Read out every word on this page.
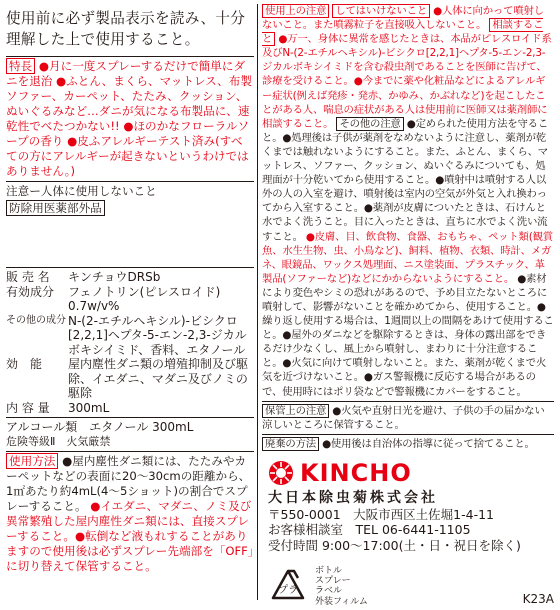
使用前に必ず製品表示を読み、十分理解した上で使用すること。

特長 ●月に一度スプレーするだけで簡単にダニを退治 ●ふとん、まくら、マットレス、布製ソファー、カーペット、たたみ、クッション、ぬいぐるみなど…ダニが気になる布製品に、速乾性でべたつかない!! ●ほのかなフローラルソープの香り ●皮ふアレルギーテスト済み(すべての方にアレルギーが起きないというわけではありません。)

注意ー人体に使用しないこと

防除用医薬部外品

販 売 名	キンチョウDRSb
有効成分	フェノトリン(ピレスロイド) 0.7w/v%
その他の成分 N-(2-エチルヘキシル)-ビシクロ[2,2,1]ヘプタ-5-エン-2,3-ジカルボキシイミド、香料、エタノール
効　能	屋内塵性ダニ類の増殖抑制及び駆除、イエダニ、マダニ及びノミの駆除
内 容 量	300mL
アルコール類　エタノール 300mL
危険等級Ⅱ　火気厳禁

使用方法 ●屋内塵性ダニ類には、たたみやカーペットなどの表面に20〜30cmの距離から、1㎡あたり約4mL(4〜5ショット)の割合でスプレーすること。 ●イエダニ、マダニ、ノミ及び異常繁殖した屋内塵性ダニ類には、直接スプレーすること。●転倒など液もれすることがありますので使用後は必ずスプレー先端部を「OFF」に切り替えて保管すること。

使用上の注意 してはいけないこと ●人体に向かって噴射しないこと。また噴霧粒子を直接吸入しないこと。 相談すること ●万一、身体に異常を感じたときは、本品がピレスロイド系及びN-(2-エチルヘキシル)-ビシクロ[2,2,1]ヘプタ-5-エン-2,3-ジカルボキシイミドを含む殺虫剤であることを医師に告げて、診療を受けること。●今までに薬や化粧品などによるアレルギー症状(例えば発疹・発赤、かゆみ、かぶれなど)を起こしたことがある人、喘息の症状がある人は使用前に医師又は薬剤師に相談すること。 その他の注意 ●定められた使用方法を守ること。●処理後は子供が薬剤をなめないように注意し、薬剤が乾くまでは触れないようにすること。また、ふとん、まくら、マットレス、ソファー、クッション、ぬいぐるみについても、処理面が十分乾いてから使用すること。●噴射中は噴射する人以外の人の入室を避け、噴射後は室内の空気が外気と入れ換わってから入室すること。●薬剤が皮膚についたときは、石けんと水でよく洗うこと。目に入ったときは、直ちに水でよく洗い流すこと。 ●皮膚、目、飲食物、食器、おもちゃ、ペット類(観賞魚、水生生物、虫、小鳥など)、飼料、植物、衣類、時計、メガネ、眼鏡品、ワックス処理面、ニス塗装面、プラスチック、革製品(ソファーなど)などにかからないようにすること。 ●素材により変色やシミの恐れがあるので、予め目立たないところに噴射して、影響がないことを確かめてから、使用すること。●繰り返し使用する場合は、1週間以上の間隔をあけて使用すること。●屋外のダニなどを駆除するときは、身体の露出部をできるだけ少なくし、風上から噴射し、まわりに十分注意すること。●火気に向けて噴射しないこと。また、薬剤が乾くまで火気を近づけないこと。●ガス警報機に反応する場合があるので、使用時にはポリ袋などで警報機にカバーをすること。

保管上の注意 ●火気や直射日光を避け、子供の手の届かない涼しいところに保管すること。

廃棄の方法 ●使用後は自治体の指導に従って捨てること。

KINCHO
大日本除虫菊株式会社
〒550-0001　大阪市西区土佐堀1-4-11
お客様相談室　TEL 06-6441-1105
受付時間 9:00〜17:00(土・日・祝日を除く)
プラ
ボトル
スプレー
ラベル
外装フィルム	K23A
